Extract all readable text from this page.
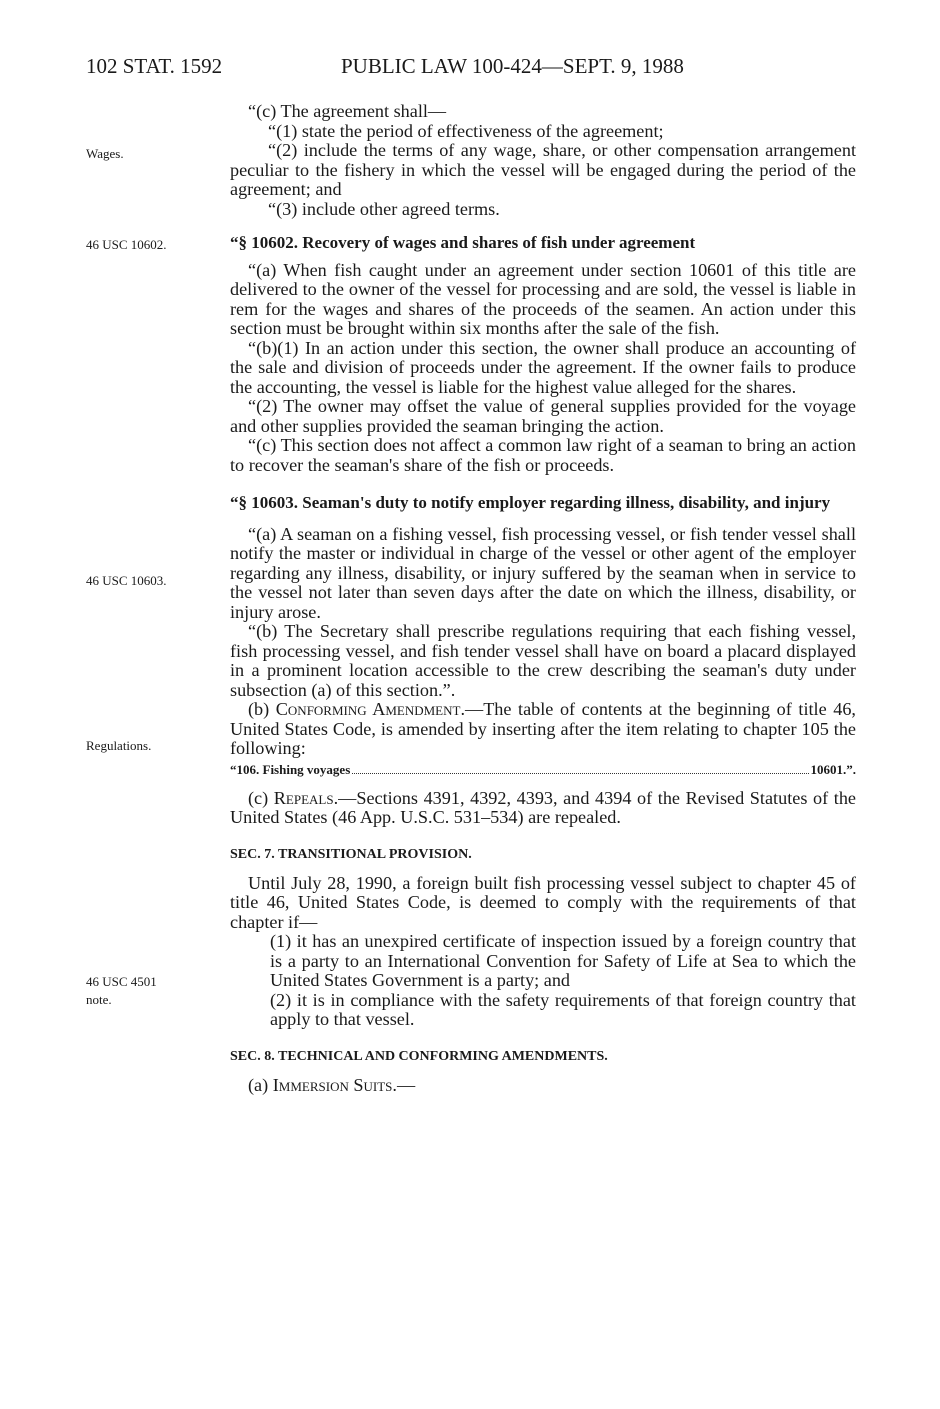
102 STAT. 1592	PUBLIC LAW 100-424—SEPT. 9, 1988
Wages.
46 USC 10602.
46 USC 10603.
Regulations.
46 USC 4501
note.

“(c) The agreement shall—

“(1) state the period of effectiveness of the agreement;

“(2) include the terms of any wage, share, or other compensation arrangement peculiar to the fishery in which the vessel will be engaged during the period of the agreement; and

“(3) include other agreed terms.

“§ 10602. Recovery of wages and shares of fish under agreement

“(a) When fish caught under an agreement under section 10601 of this title are delivered to the owner of the vessel for processing and are sold, the vessel is liable in rem for the wages and shares of the proceeds of the seamen. An action under this section must be brought within six months after the sale of the fish.

“(b)(1) In an action under this section, the owner shall produce an accounting of the sale and division of proceeds under the agreement. If the owner fails to produce the accounting, the vessel is liable for the highest value alleged for the shares.

“(2) The owner may offset the value of general supplies provided for the voyage and other supplies provided the seaman bringing the action.

“(c) This section does not affect a common law right of a seaman to bring an action to recover the seaman's share of the fish or proceeds.

“§ 10603. Seaman's duty to notify employer regarding illness, disability, and injury

“(a) A seaman on a fishing vessel, fish processing vessel, or fish tender vessel shall notify the master or individual in charge of the vessel or other agent of the employer regarding any illness, disability, or injury suffered by the seaman when in service to the vessel not later than seven days after the date on which the illness, disability, or injury arose.

“(b) The Secretary shall prescribe regulations requiring that each fishing vessel, fish processing vessel, and fish tender vessel shall have on board a placard displayed in a prominent location accessible to the crew describing the seaman's duty under subsection (a) of this section.”.

(b) Conforming Amendment.—The table of contents at the beginning of title 46, United States Code, is amended by inserting after the item relating to chapter 105 the following:

“106. Fishing voyages	10601.”.

(c) Repeals.—Sections 4391, 4392, 4393, and 4394 of the Revised Statutes of the United States (46 App. U.S.C. 531–534) are repealed.

SEC. 7. TRANSITIONAL PROVISION.

Until July 28, 1990, a foreign built fish processing vessel subject to chapter 45 of title 46, United States Code, is deemed to comply with the requirements of that chapter if—

(1) it has an unexpired certificate of inspection issued by a foreign country that is a party to an International Convention for Safety of Life at Sea to which the United States Government is a party; and

(2) it is in compliance with the safety requirements of that foreign country that apply to that vessel.

SEC. 8. TECHNICAL AND CONFORMING AMENDMENTS.

(a) Immersion Suits.—
